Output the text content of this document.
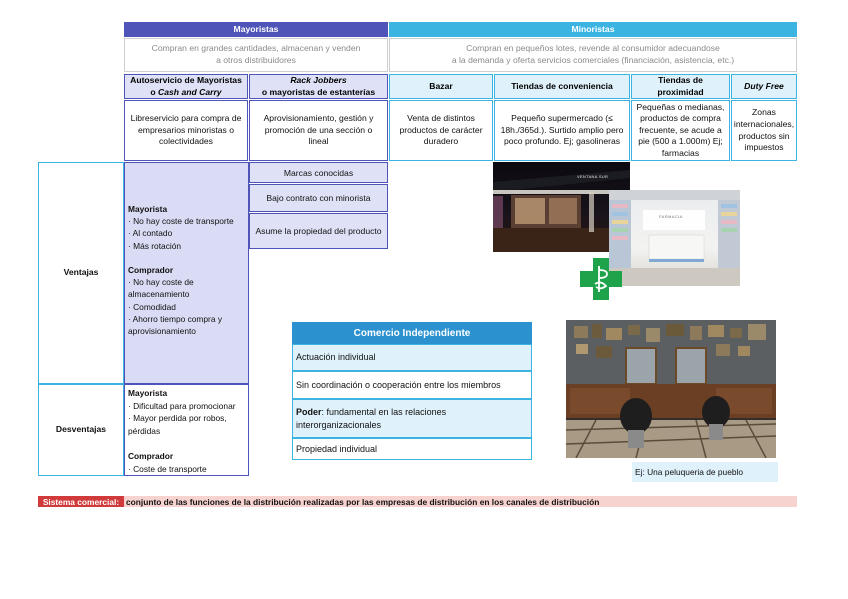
Mayoristas	Minoristas
Compran en grandes cantidades, almacenan y venden
a otros distribuidores
Compran en pequeños lotes, revende al consumidor adecuandose
a la demanda y oferta servicios comerciales (financiación, asistencia, etc.)
Autoservicio de Mayoristas
o Cash and Carry
Rack Jobbers
o mayoristas de estanterías
Bazar	Tiendas de conveniencia
Tiendas de proximidad
Duty Free
Libreservicio para compra de empresarios minoristas o colectividades
Aprovisionamiento, gestión y promoción de una sección o lineal
Venta de distintos productos de carácter duradero
Pequeño supermercado (≤ 18h./365d.). Surtido amplio pero poco profundo. Ej; gasolineras
Pequeñas o medianas, productos de compra frecuente, se acude a pie (500 a 1.000m) Ej; farmacias
Zonas internacionales, productos sin impuestos
Ventajas
Desventajas
Mayorista
· No hay coste de transporte
· Al contado
· Más rotación

Comprador
· No hay coste de almacenamiento
· Comodidad
· Ahorro tiempo compra y aprovisionamiento
Mayorista
· Dificultad para promocionar
· Mayor perdida por robos, pérdidas

Comprador
· Coste de transporte
Marcas conocidas
Bajo contrato con minorista
Asume la propiedad del producto
VENTANA SUR
FARMACIA
Comercio Independiente
Actuación individual
Sin coordinación o cooperación entre los miembros
Poder: fundamental en las relaciones interorganizacionales
Propiedad individual
Ej: Una peluqueria de pueblo
Sistema comercial: conjunto de las funciones de la distribución realizadas por las empresas de distribución en los canales de distribución
